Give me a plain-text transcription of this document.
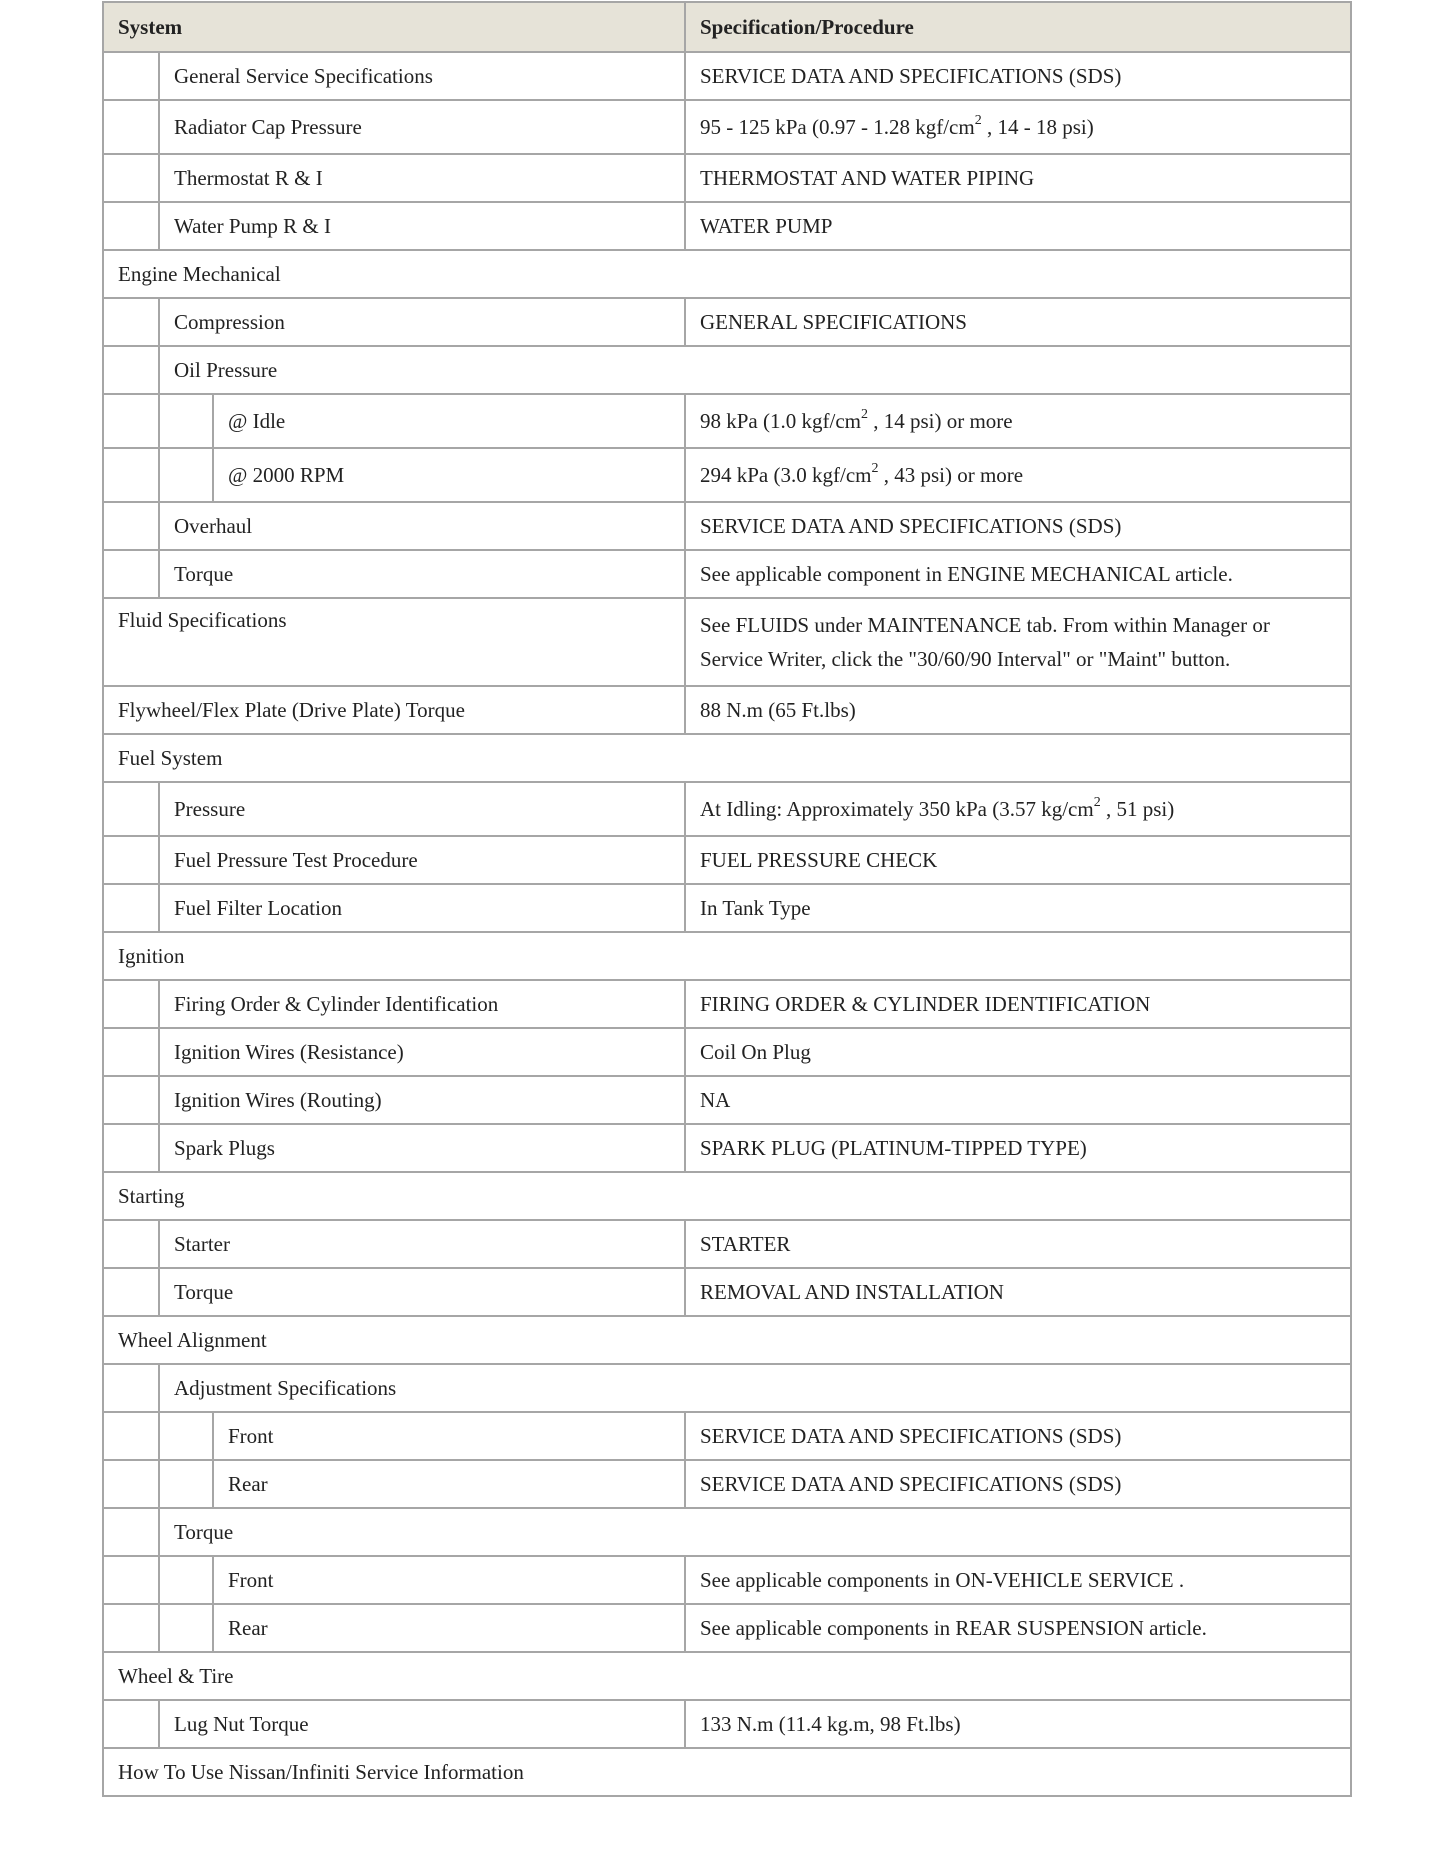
System			Specification/Procedure
	General Service Specifications		SERVICE DATA AND SPECIFICATIONS (SDS)
	Radiator Cap Pressure		95 - 125 kPa (0.97 - 1.28 kgf/$cm^2$ , 14 - 18 psi)
	Thermostat R & I		THERMOSTAT AND WATER PIPING
	Water Pump R & I		WATER PUMP
Engine Mechanical			
	Compression		GENERAL SPECIFICATIONS
	Oil Pressure		
		@ Idle	98 kPa (1.0 kgf/$cm^2$ , 14 psi) or more
		@ 2000 RPM	294 kPa (3.0 kgf/$cm^2$ , 43 psi) or more
	Overhaul		SERVICE DATA AND SPECIFICATIONS (SDS)
	Torque		See applicable component in ENGINE MECHANICAL article.
Fluid Specifications			See FLUIDS under MAINTENANCE tab. From within Manager or Service Writer, click the "30/60/90 Interval" or "Maint" button.
Flywheel/Flex Plate (Drive Plate) Torque			88 N.m (65 Ft.lbs)
Fuel System			
	Pressure		At Idling: Approximately 350 kPa (3.57 $kg/cm^2$ , 51 psi)
	Fuel Pressure Test Procedure		FUEL PRESSURE CHECK
	Fuel Filter Location		In Tank Type
Ignition			
	Firing Order & Cylinder Identification		FIRING ORDER & CYLINDER IDENTIFICATION
	Ignition Wires (Resistance)		Coil On Plug
	Ignition Wires (Routing)		NA
	Spark Plugs		SPARK PLUG (PLATINUM-TIPPED TYPE)
Starting			
	Starter		STARTER
	Torque		REMOVAL AND INSTALLATION
Wheel Alignment			
	Adjustment Specifications		
		Front	SERVICE DATA AND SPECIFICATIONS (SDS)
		Rear	SERVICE DATA AND SPECIFICATIONS (SDS)
	Torque		
		Front	See applicable components in ON-VEHICLE SERVICE .
		Rear	See applicable components in REAR SUSPENSION article.
Wheel & Tire			
	Lug Nut Torque		133 N.m (11.4 kg.m, 98 Ft.lbs)
How To Use Nissan/Infiniti Service Information			
